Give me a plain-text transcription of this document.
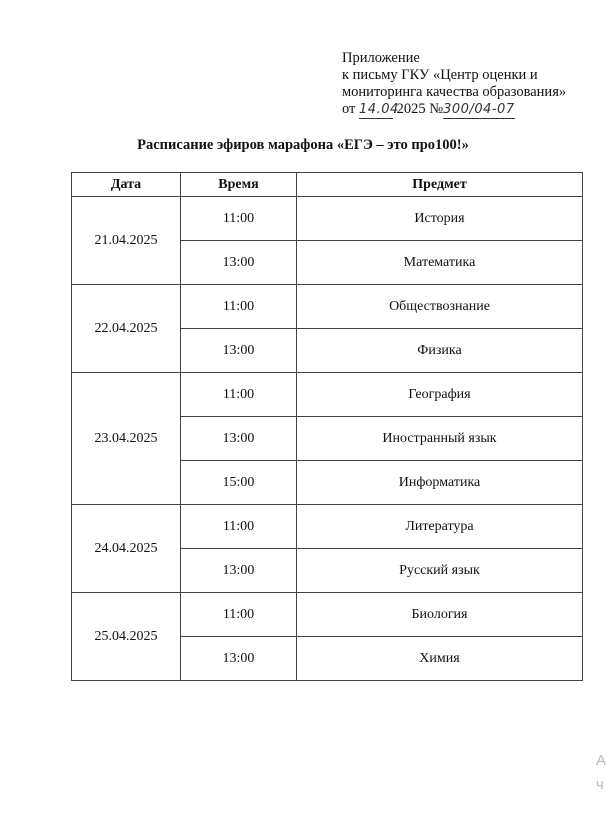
Приложение
к письму ГКУ «Центр оценки и
мониторинга качества образования»
от 14.04.2025 №300/04-07
Расписание эфиров марафона «ЕГЭ – это про100!»
Дата	Время	Предмет
21.04.2025	11:00	История
	13:00	Математика
22.04.2025	11:00	Обществознание
	13:00	Физика
23.04.2025	11:00	География
	13:00	Иностранный язык
	15:00	Информатика
24.04.2025	11:00	Литература
	13:00	Русский язык
25.04.2025	11:00	Биология
	13:00	Химия
А
ч
